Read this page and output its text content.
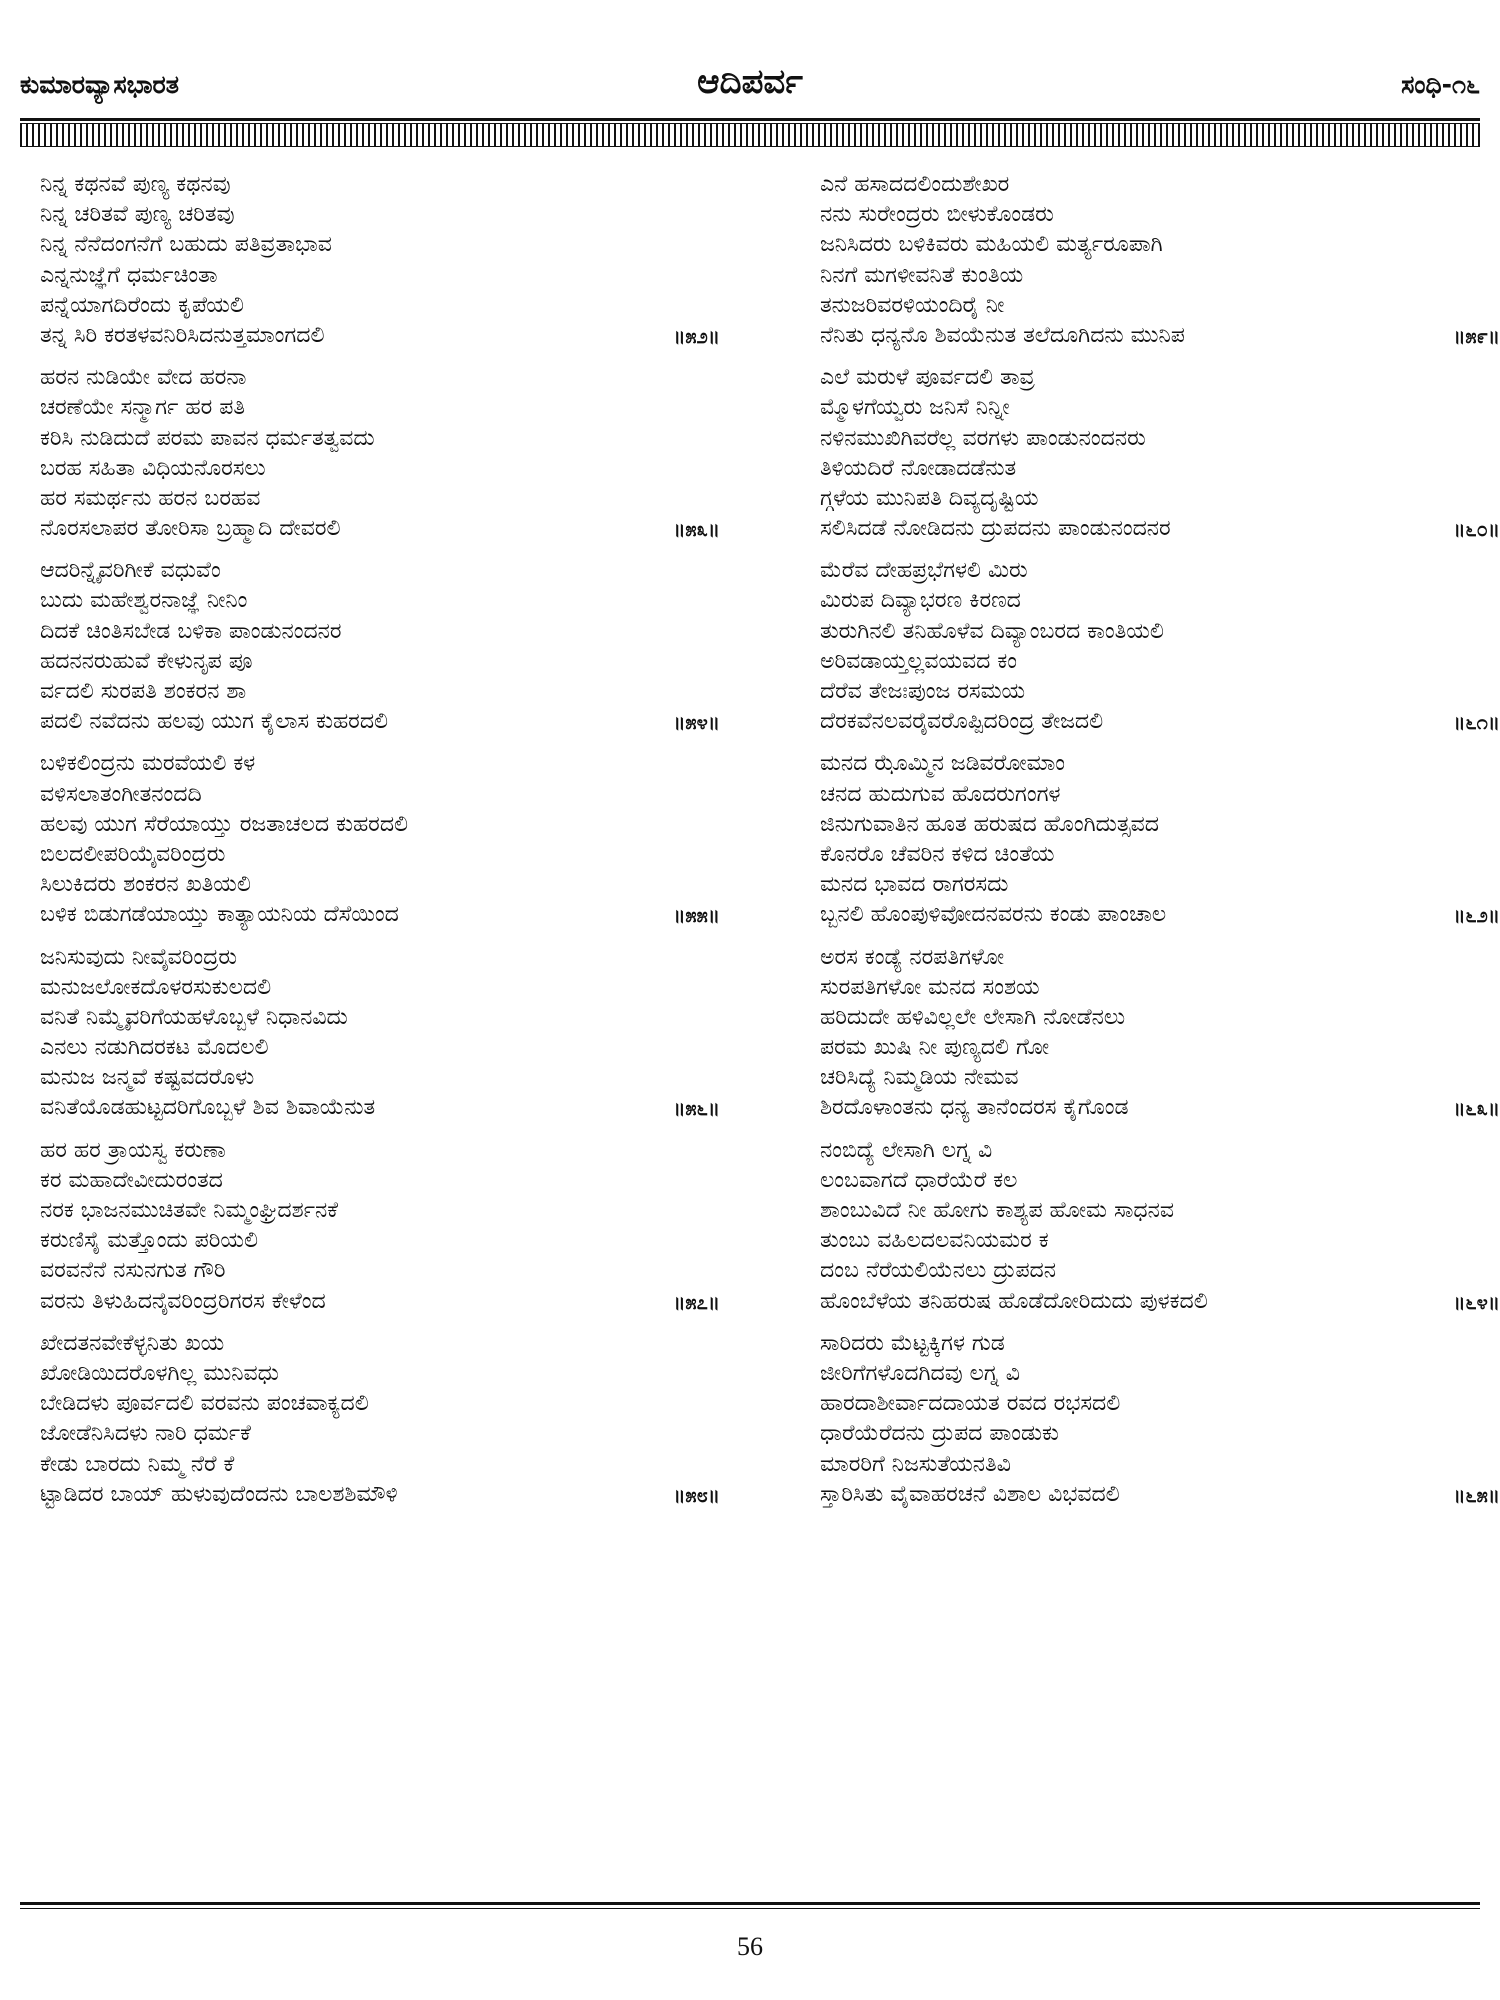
ಕುಮಾರವ್ಯಾಸಭಾರತ	ಆದಿಪರ್ವ	ಸಂಧಿ-೧೬
ನಿನ್ನ ಕಥನವೆ ಪುಣ್ಯ ಕಥನವು
ನಿನ್ನ ಚರಿತವೆ ಪುಣ್ಯ ಚರಿತವು
ನಿನ್ನ ನೆನೆದಂಗನೆಗೆ ಬಹುದು ಪತಿವ್ರತಾಭಾವ
ಎನ್ನನುಜ್ಞೆಗೆ ಧರ್ಮಚಿಂತಾ
ಪನ್ನೆಯಾಗದಿರೆಂದು ಕೃಪೆಯಲಿ
ತನ್ನ ಸಿರಿ ಕರತಳವನಿರಿಸಿದನುತ್ತಮಾಂಗದಲಿ	॥೫೨॥
ಹರನ ನುಡಿಯೇ ವೇದ ಹರನಾ
ಚರಣೆಯೇ ಸನ್ಮಾರ್ಗ ಹರ ಪತಿ
ಕರಿಸಿ ನುಡಿದುದೆ ಪರಮ ಪಾವನ ಧರ್ಮತತ್ವವದು
ಬರಹ ಸಹಿತಾ ವಿಧಿಯನೊರಸಲು
ಹರ ಸಮರ್ಥನು ಹರನ ಬರಹವ
ನೊರಸಲಾಪರ ತೋರಿಸಾ ಬ್ರಹ್ಮಾದಿ ದೇವರಲಿ	॥೫೩॥
ಆದರಿನ್ನೈವರಿಗೀಕೆ ವಧುವೆಂ
ಬುದು ಮಹೇಶ್ವರನಾಜ್ಞೆ ನೀನಿಂ
ದಿದಕೆ ಚಿಂತಿಸಬೇಡ ಬಳಿಕಾ ಪಾಂಡುನಂದನರ
ಹದನನರುಹುವೆ ಕೇಳುನೃಪ ಪೂ
ರ್ವದಲಿ ಸುರಪತಿ ಶಂಕರನ ಶಾ
ಪದಲಿ ನವೆದನು ಹಲವು ಯುಗ ಕೈಲಾಸ ಕುಹರದಲಿ	॥೫೪॥
ಬಳಿಕಲಿಂದ್ರನು ಮರವೆಯಲಿ ಕಳ
ವಳಿಸಲಾತಂಗೀತನಂದದಿ
ಹಲವು ಯುಗ ಸೆರೆಯಾಯ್ತು ರಜತಾಚಲದ ಕುಹರದಲಿ
ಬಿಲದಲೀಪರಿಯೈವರಿಂದ್ರರು
ಸಿಲುಕಿದರು ಶಂಕರನ ಖತಿಯಲಿ
ಬಳಿಕ ಬಿಡುಗಡೆಯಾಯ್ತು ಕಾತ್ಯಾಯನಿಯ ದೆಸೆಯಿಂದ	॥೫೫॥
ಜನಿಸುವುದು ನೀವೈವರಿಂದ್ರರು
ಮನುಜಲೋಕದೊಳರಸುಕುಲದಲಿ
ವನಿತೆ ನಿಮ್ಮೈವರಿಗೆಯಹಳೊಬ್ಬಳೆ ನಿಧಾನವಿದು
ಎನಲು ನಡುಗಿದರಕಟ ಮೊದಲಲಿ
ಮನುಜ ಜನ್ಮವೆ ಕಷ್ಟವದರೊಳು
ವನಿತೆಯೊಡಹುಟ್ಟದರಿಗೊಬ್ಬಳೆ ಶಿವ ಶಿವಾಯೆನುತ	॥೫೬॥
ಹರ ಹರ ತ್ರಾಯಸ್ವ ಕರುಣಾ
ಕರ ಮಹಾದೇವೀದುರಂತದ
ನರಕ ಭಾಜನಮುಚಿತವೇ ನಿಮ್ಮಂಘ್ರಿದರ್ಶನಕೆ
ಕರುಣಿಸೈ ಮತ್ತೊಂದು ಪರಿಯಲಿ
ವರವನೆನೆ ನಸುನಗುತ ಗೌರಿ
ವರನು ತಿಳುಹಿದನೈವರಿಂದ್ರರಿಗರಸ ಕೇಳೆಂದ	॥೫೭॥
ಖೇದತನವೇಕೆಳ್ಳನಿತು ಖಯ
ಖೋಡಿಯಿದರೊಳಗಿಲ್ಲ ಮುನಿವಧು
ಬೇಡಿದಳು ಪೂರ್ವದಲಿ ವರವನು ಪಂಚವಾಕ್ಯದಲಿ
ಜೋಡೆನಿಸಿದಳು ನಾರಿ ಧರ್ಮಕೆ
ಕೇಡು ಬಾರದು ನಿಮ್ಮ ನೆರೆ ಕೆ
ಟ್ಟಾಡಿದರ ಬಾಯ್ ಹುಳುವುದೆಂದನು ಬಾಲಶಶಿಮೌಳಿ	॥೫೮॥
ಎನೆ ಹಸಾದದಲಿಂದುಶೇಖರ
ನನು ಸುರೇಂದ್ರರು ಬೀಳುಕೊಂಡರು
ಜನಿಸಿದರು ಬಳಿಕಿವರು ಮಹಿಯಲಿ ಮರ್ತ್ಯರೂಪಾಗಿ
ನಿನಗೆ ಮಗಳೀವನಿತೆ ಕುಂತಿಯ
ತನುಜರಿವರಳಿಯಂದಿರೈ ನೀ
ನೆನಿತು ಧನ್ಯನೊ ಶಿವಯೆನುತ ತಲೆದೂಗಿದನು ಮುನಿಪ	॥೫೯॥
ಎಲೆ ಮರುಳೆ ಪೂರ್ವದಲಿ ತಾವ್ರ
ಮ್ಮೊಳಗೆಯ್ವರು ಜನಿಸೆ ನಿನ್ನೀ
ನಳಿನಮುಖಿಗಿವರೆಲ್ಲ ವರಗಳು ಪಾಂಡುನಂದನರು
ತಿಳಿಯದಿರೆ ನೋಡಾದಡೆನುತ
ಗ್ಗಳೆಯ ಮುನಿಪತಿ ದಿವ್ಯದೃಷ್ಟಿಯ
ಸಲಿಸಿದಡೆ ನೋಡಿದನು ದ್ರುಪದನು ಪಾಂಡುನಂದನರ	॥೬೦॥
ಮೆರೆವ ದೇಹಪ್ರಭೆಗಳಲಿ ಮಿರು
ಮಿರುಪ ದಿವ್ಯಾಭರಣ ಕಿರಣದ
ತುರುಗಿನಲಿ ತನಿಹೊಳೆವ ದಿವ್ಯಾಂಬರದ ಕಾಂತಿಯಲಿ
ಅರಿವಡಾಯ್ತಲ್ಲವಯವದ ಕಂ
ದೆರೆವ ತೇಜಃಪುಂಜ ರಸಮಯ
ದೆರಕವೆನಲವರೈವರೊಪ್ಪಿದರಿಂದ್ರ ತೇಜದಲಿ	॥೬೧॥
ಮನದ ಝೊಮ್ಮಿನ ಜಡಿವರೋಮಾಂ
ಚನದ ಹುದುಗುವ ಹೊದರುಗಂಗಳ
ಜಿನುಗುವಾತಿನ ಹೂತ ಹರುಷದ ಹೊಂಗಿದುತ್ಸವದ
ಕೊನರೊ ಚೆವರಿನ ಕಳಿದ ಚಿಂತೆಯ
ಮನದ ಭಾವದ ರಾಗರಸದು
ಬ್ಬನಲಿ ಹೊಂಪುಳಿವೋದನವರನು ಕಂಡು ಪಾಂಚಾಲ	॥೬೨॥
ಅರಸ ಕಂಡ್ಯೆ ನರಪತಿಗಳೋ
ಸುರಪತಿಗಳೋ ಮನದ ಸಂಶಯ
ಹರಿದುದೇ ಹಳಿವಿಲ್ಲಲೇ ಲೇಸಾಗಿ ನೋಡೆನಲು
ಪರಮ ಖುಷಿ ನೀ ಪುಣ್ಯದಲಿ ಗೋ
ಚರಿಸಿದ್ಯೆ ನಿಮ್ಮಡಿಯ ನೇಮವ
ಶಿರದೊಳಾಂತನು ಧನ್ಯ ತಾನೆಂದರಸ ಕೈಗೊಂಡ	॥೬೩॥
ನಂಬಿದ್ಯೆ ಲೇಸಾಗಿ ಲಗ್ನ ವಿ
ಲಂಬವಾಗದೆ ಧಾರೆಯೆರೆ ಕಲ
ಶಾಂಬುವಿದೆ ನೀ ಹೋಗು ಕಾಶ್ಯಪ ಹೋಮ ಸಾಧನವ
ತುಂಬು ವಹಿಲದಲವನಿಯಮರ ಕ
ದಂಬ ನೆರೆಯಲಿಯೆನಲು ದ್ರುಪದನ
ಹೊಂಬೆಳೆಯ ತನಿಹರುಷ ಹೊಡೆದೋರಿದುದು ಪುಳಕದಲಿ	॥೬೪॥
ಸಾರಿದರು ಮೆಟ್ಟಕ್ಕಿಗಳ ಗುಡ
ಜೀರಿಗೆಗಳೊದಗಿದವು ಲಗ್ನ ವಿ
ಹಾರದಾಶೀರ್ವಾದದಾಯತ ರವದ ರಭಸದಲಿ
ಧಾರೆಯೆರೆದನು ದ್ರುಪದ ಪಾಂಡುಕು
ಮಾರರಿಗೆ ನಿಜಸುತೆಯನತಿವಿ
ಸ್ತಾರಿಸಿತು ವೈವಾಹರಚನೆ ವಿಶಾಲ ವಿಭವದಲಿ	॥೬೫॥
56
